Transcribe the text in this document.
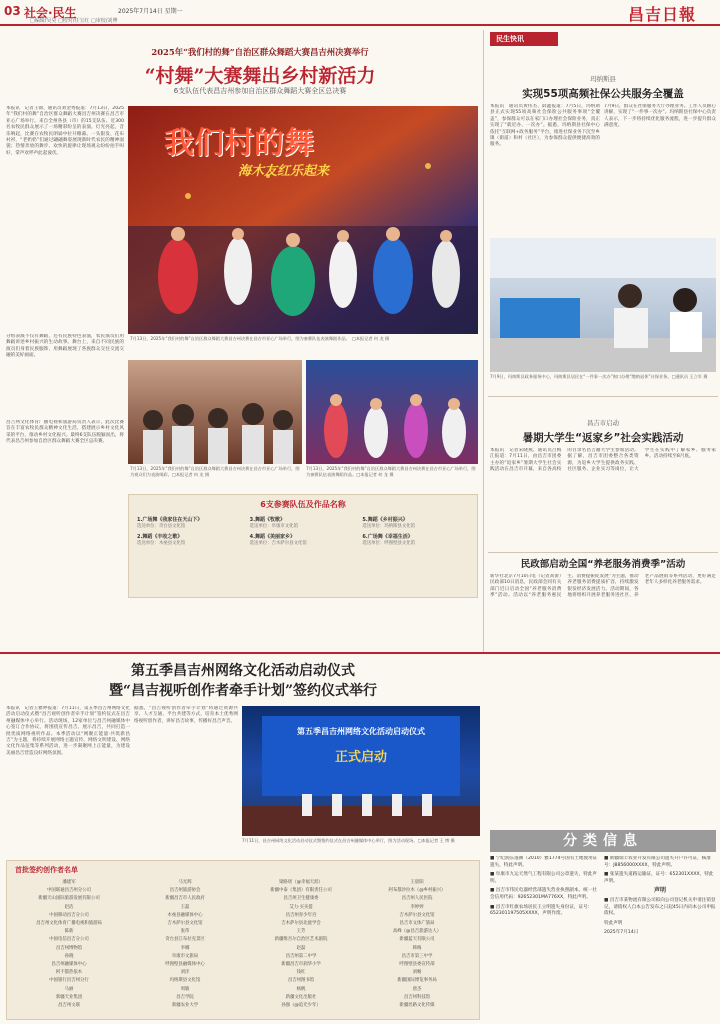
03 社会·民生	2025年7月14日 星期一
□编辑/吴昊 □校对/任宝红 □审校/刘博	昌吉日報
2025年“我们村的舞”自治区群众舞蹈大赛昌吉州决赛举行
“村舞”大赛舞出乡村新活力
6支队伍代表昌吉州参加自治区群众舞蹈大赛全区总决赛
本报讯　记者王锦、通讯员刘金秀报道：7月13日，2025年“我们村的舞”自治区群众舞蹈大赛昌吉州决赛在昌吉市亚心广场举行。来自全州各县（市）的15支队伍、近300名农牧民群众展示了一场精彩纷呈的表演。灯光亮起，音乐响起，比赛在农牧民朗诵中拉开帷幕。一头银发、花布衬衫，“老奶奶”们通过翩翩舞姿展现新时代农民的精神面貌；热情奔放的舞步、欢快的旋律让现场观众纷纷拍手叫好，掌声欢呼声此起彼伏。
分组表演不仅有舞蹈，还有民族特色表演，农民演员们用舞蹈讲述乡村振兴的生动故事。舞台上，来自不同民族的演员们身着民族服饰，用舞蹈展现了各族群众交往交流交融的美好画面。
昌吉州文化体育广播电视和旅游局负责人表示，此次比赛旨在丰富农牧民群众精神文化生活，搭建展示乡村文化风采的平台，推动乡村文化振兴。最终6支队伍脱颖而出，将代表昌吉州参加自治区群众舞蹈大赛全区总决赛。
我们村的舞
海木友红乐起来
7月13日，2025年“我们村的舞”自治区群众舞蹈大赛昌吉州决赛在昌吉市亚心广场举行，图为参赛队伍表演舞蹈作品。　□本报记者 何 龙 摄
7月13日，2025年“我们村的舞”自治区群众舞蹈大赛昌吉州决赛在昌吉市亚心广场举行，图为观众们为表演喝彩。□本报记者 何 龙 摄
7月13日，2025年“我们村的舞”自治区群众舞蹈大赛昌吉州决赛在昌吉市亚心广场举行，图为参赛队伍表演舞蹈作品。□本报记者 何 龙 摄
6支参赛队伍及作品名称
1.广场舞《我家住在天山下》
选送单位：奇台县文化馆
3.舞蹈《牧歌》
选送单位：阜康市文化馆
5.舞蹈《乡村振兴》
选送单位：玛纳斯县文化馆
2.舞蹈《丰收之歌》
选送单位：木垒县文化馆
4.舞蹈《美丽家乡》
选送单位：吉木萨尔县文化馆
6.广场舞《幸福生活》
选送单位：呼图壁县文化馆
民生快讯
玛纳斯县
实现55项高频社保公共服务全覆盖
本报讯　通讯员黄伟杰、薛鑫报道：7月5日，玛纳斯县正式实现55项高频社会保险公共服务事项“全覆盖”，参保群众可以在家门口办理社会保险业务，真正实现了“就近办、一次办”。据悉，玛纳斯县社保中心依托“互联网+政务服务”平台，推进社保业务下沉至乡镇（街道）和村（社区），为参保群众提供便捷高效的服务。
7月9日，群众在社保服务大厅办理业务。工作人员耐心讲解，实现了“一件事一次办”。玛纳斯县社保中心负责人表示，下一步将持续优化服务流程，进一步提升群众满意度。
7月9日，玛纳斯县政务服务中心，玛纳斯县居民在“一件事一次办”窗口办理“缴纳退休”社保业务。□通讯员 王立军 摄
昌吉市启动
暑期大学生“返家乡”社会实践活动
本报讯　记者宋晓燕、通讯员吕梅江报道：7月11日，由昌吉市团委主办的“返家乡”暑期大学生社会实践活动在昌吉市开幕，来自各高校的百余名昌吉籍大学生参加活动。据了解，昌吉市团委整合各类资源，为返乡大学生提供政务实践、社区服务、企业实习等岗位，让大学生在实践中了解家乡、服务家乡。活动持续至8月底。
民政部启动全国“养老服务消费季”活动
新华社北京7月10日电（记者高蕾）民政部10日消息，民政部会同有关部门近日启动全国“养老服务消费季”活动。活动以“养老服务惠民生、消费提振促发展”为主题，推动养老服务消费提质扩容，持续激发银发经济发展活力。活动期间，各地将组织开展养老服务进社区、养老产品展销等系列活动，更好满足老年人多样化养老服务需求。
第五季昌吉州网络文化活动启动仪式
暨“昌吉视听创作者牵手计划”签约仪式举行
本报讯　记者王雅婷报道：7月11日，第五季昌吉州网络文化活动启动仪式暨“昌吉视听创作者牵手计划”签约仪式在昌吉州融媒体中心举行。活动现场，12家单位与昌吉州融媒体中心签订合作协议，将围绕宣传昌吉、展示昌吉，共同打造一批优质网络视听作品。本季活动以“网聚正能量·共筑新昌吉”为主题，将持续开展网络主题宣传、网络文明建设、网络文化作品征集等系列活动，进一步凝聚网上正能量，为建设美丽昌吉营造良好网络氛围。
据悉，“昌吉视听创作者牵手计划”将通过资源共享、人才互通、平台共建等方式，培育本土优秀网络视听创作者，讲好昌吉故事，传播好昌吉声音。
第五季昌吉州网络文化活动启动仪式
正式启动
7月11日，昌吉州网络文化活动启动仪式暨签约仪式在昌吉州融媒体中心举行，图为活动现场。□本报记者 王 博 摄
首批签约创作者名单
潘建军
中国联通昌吉州分公司
新疆天山国际旅游发展有限公司
赵洁
中国移动昌吉分公司
昌吉州文化体育广播电视和旅游局
陈新
中国电信昌吉分公司
昌吉州博物馆
孙晓
昌吉州融媒体中心
阿不都热依木
中国银行昌吉州分行
马丽
新疆天业集团
昌吉州文联
马光辉
昌吉州旅游协会
新疆昌吉市人民政府
王磊
木垒县融媒体中心
吉木萨尔县文化馆
张伟
奇台县江布拉克景区
李娜
阜康市文旅局
呼图壁县融媒体中心
刘洋
玛纳斯县文化馆
周敏
昌吉学院
新疆农业大学
梁路瑶（@幸福天涯）
新疆中泰（集团）有限责任公司
昌吉州卫生健康委
艾力·买买提
昌吉州青少年宫
吉木萨尔县北庭学会
王芳
新疆维吾尔自治区艺术剧院
赵磊
昌吉州第二中学
新疆昌吉市润华小学
钱红
昌吉州图书馆
杨帆
新疆文化出版社
孙强（@追光少年）
王晨阳
阿布都沙拉木（@乡村振兴）
昌吉州人民医院
李婷婷
吉木萨尔县文化馆
昌吉市文体广旅局
高峰（@昌吉旅游达人）
新疆蓝天有限公司
韩梅
昌吉市第三中学
呼图壁县委宣传部
刘畅
新疆国际博览事务局
唐杰
昌吉州科技馆
新疆丝路文化传媒
分类信息
■ 宁纪润东蓬阁（2010）雅1774号国有土地使用证遗失，特此声明。
■ 阜康市九运天然气工程有限公司公章遗失，特此声明。
■ 昌吉市伟民电器经营部遗失营业执照副本，统一社会信用代码：92652301MA776XX，特此声明。
■ 昌吉市红旗农场居民王立明遗失身份证，证号：652301197505XXXX，声明作废。
■ 新疆瑞丰农业开发有限公司遗失开户许可证，核准号：J8856000XXXX，特此声明。
■ 张某遗失道路运输证，证号：652301XXXX，特此声明。
声明
■ 昌吉市某物流有限公司拟向公司登记机关申请注销登记，请债权人自本公告发布之日起45日内向本公司申报债权。
特此声明
2025年7月14日
